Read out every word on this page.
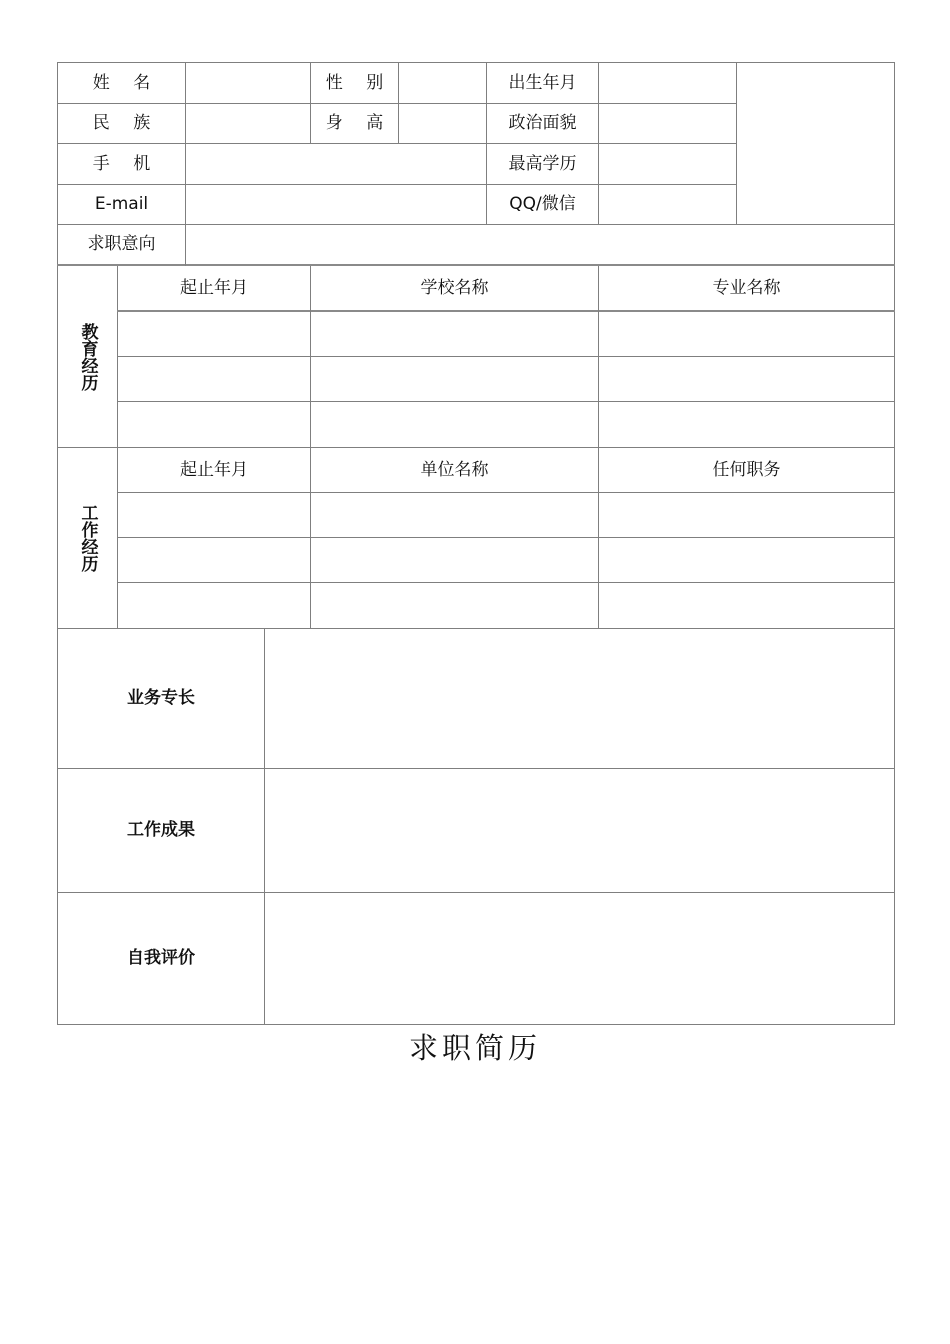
姓 名	性 别	出生年月
民 族	身 高	政治面貌
手 机	最高学历
E-mail	QQ/微信
求职意向
教育经历
起止年月	学校名称	专业名称
工作经历
起止年月	单位名称	任何职务
业务专长
工作成果
自我评价
求职简历
